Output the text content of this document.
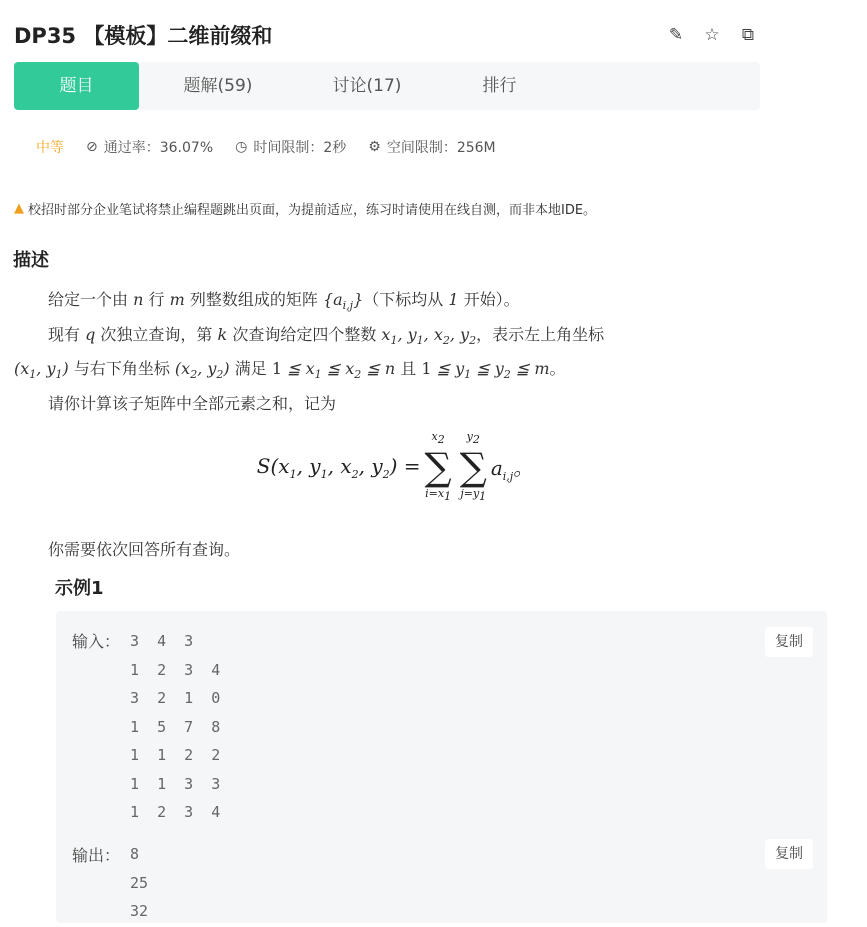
DP35 【模板】二维前缀和	✎ ☆ ⧉
题目	题解(59)	讨论(17)	排行
中等 ⊘ 通过率：36.07% ◷ 时间限制：2秒 ⚙ 空间限制：256M
▲ 校招时部分企业笔试将禁止编程题跳出页面，为提前适应，练习时请使用在线自测，而非本地IDE。
描述
给定一个由 n 行 m 列整数组成的矩阵 $\{a_{i,j}\}$（下标均从 1 开始）。
现有 q 次独立查询，第 k 次查询给定四个整数 $x_1$, $y_1$, $x_2$, $y_2$，表示左上角坐标
($x_1$, $y_1$) 与右下角坐标 ($x_2$, $y_2$) 满足 1 ≦ $x_1$ ≦ $x_2$ ≦ n 且 1 ≦ $y_1$ ≦ $y_2$ ≦ m。
请你计算该子矩阵中全部元素之和，记为
$S(x_1$, $y_1$, $x_2$, $y_2$) =
$x_2$
∑
$i=x_1$
$y_2$
∑
$j=y_1$
$a_{i,j}$。
你需要依次回答所有查询。
示例1
输入： 3  4  3
1  2  3  4
3  2  1  0
1  5  7  8
1  1  2  2
1  1  3  3
1  2  3  4
复制
输出： 8
25
32
复制
